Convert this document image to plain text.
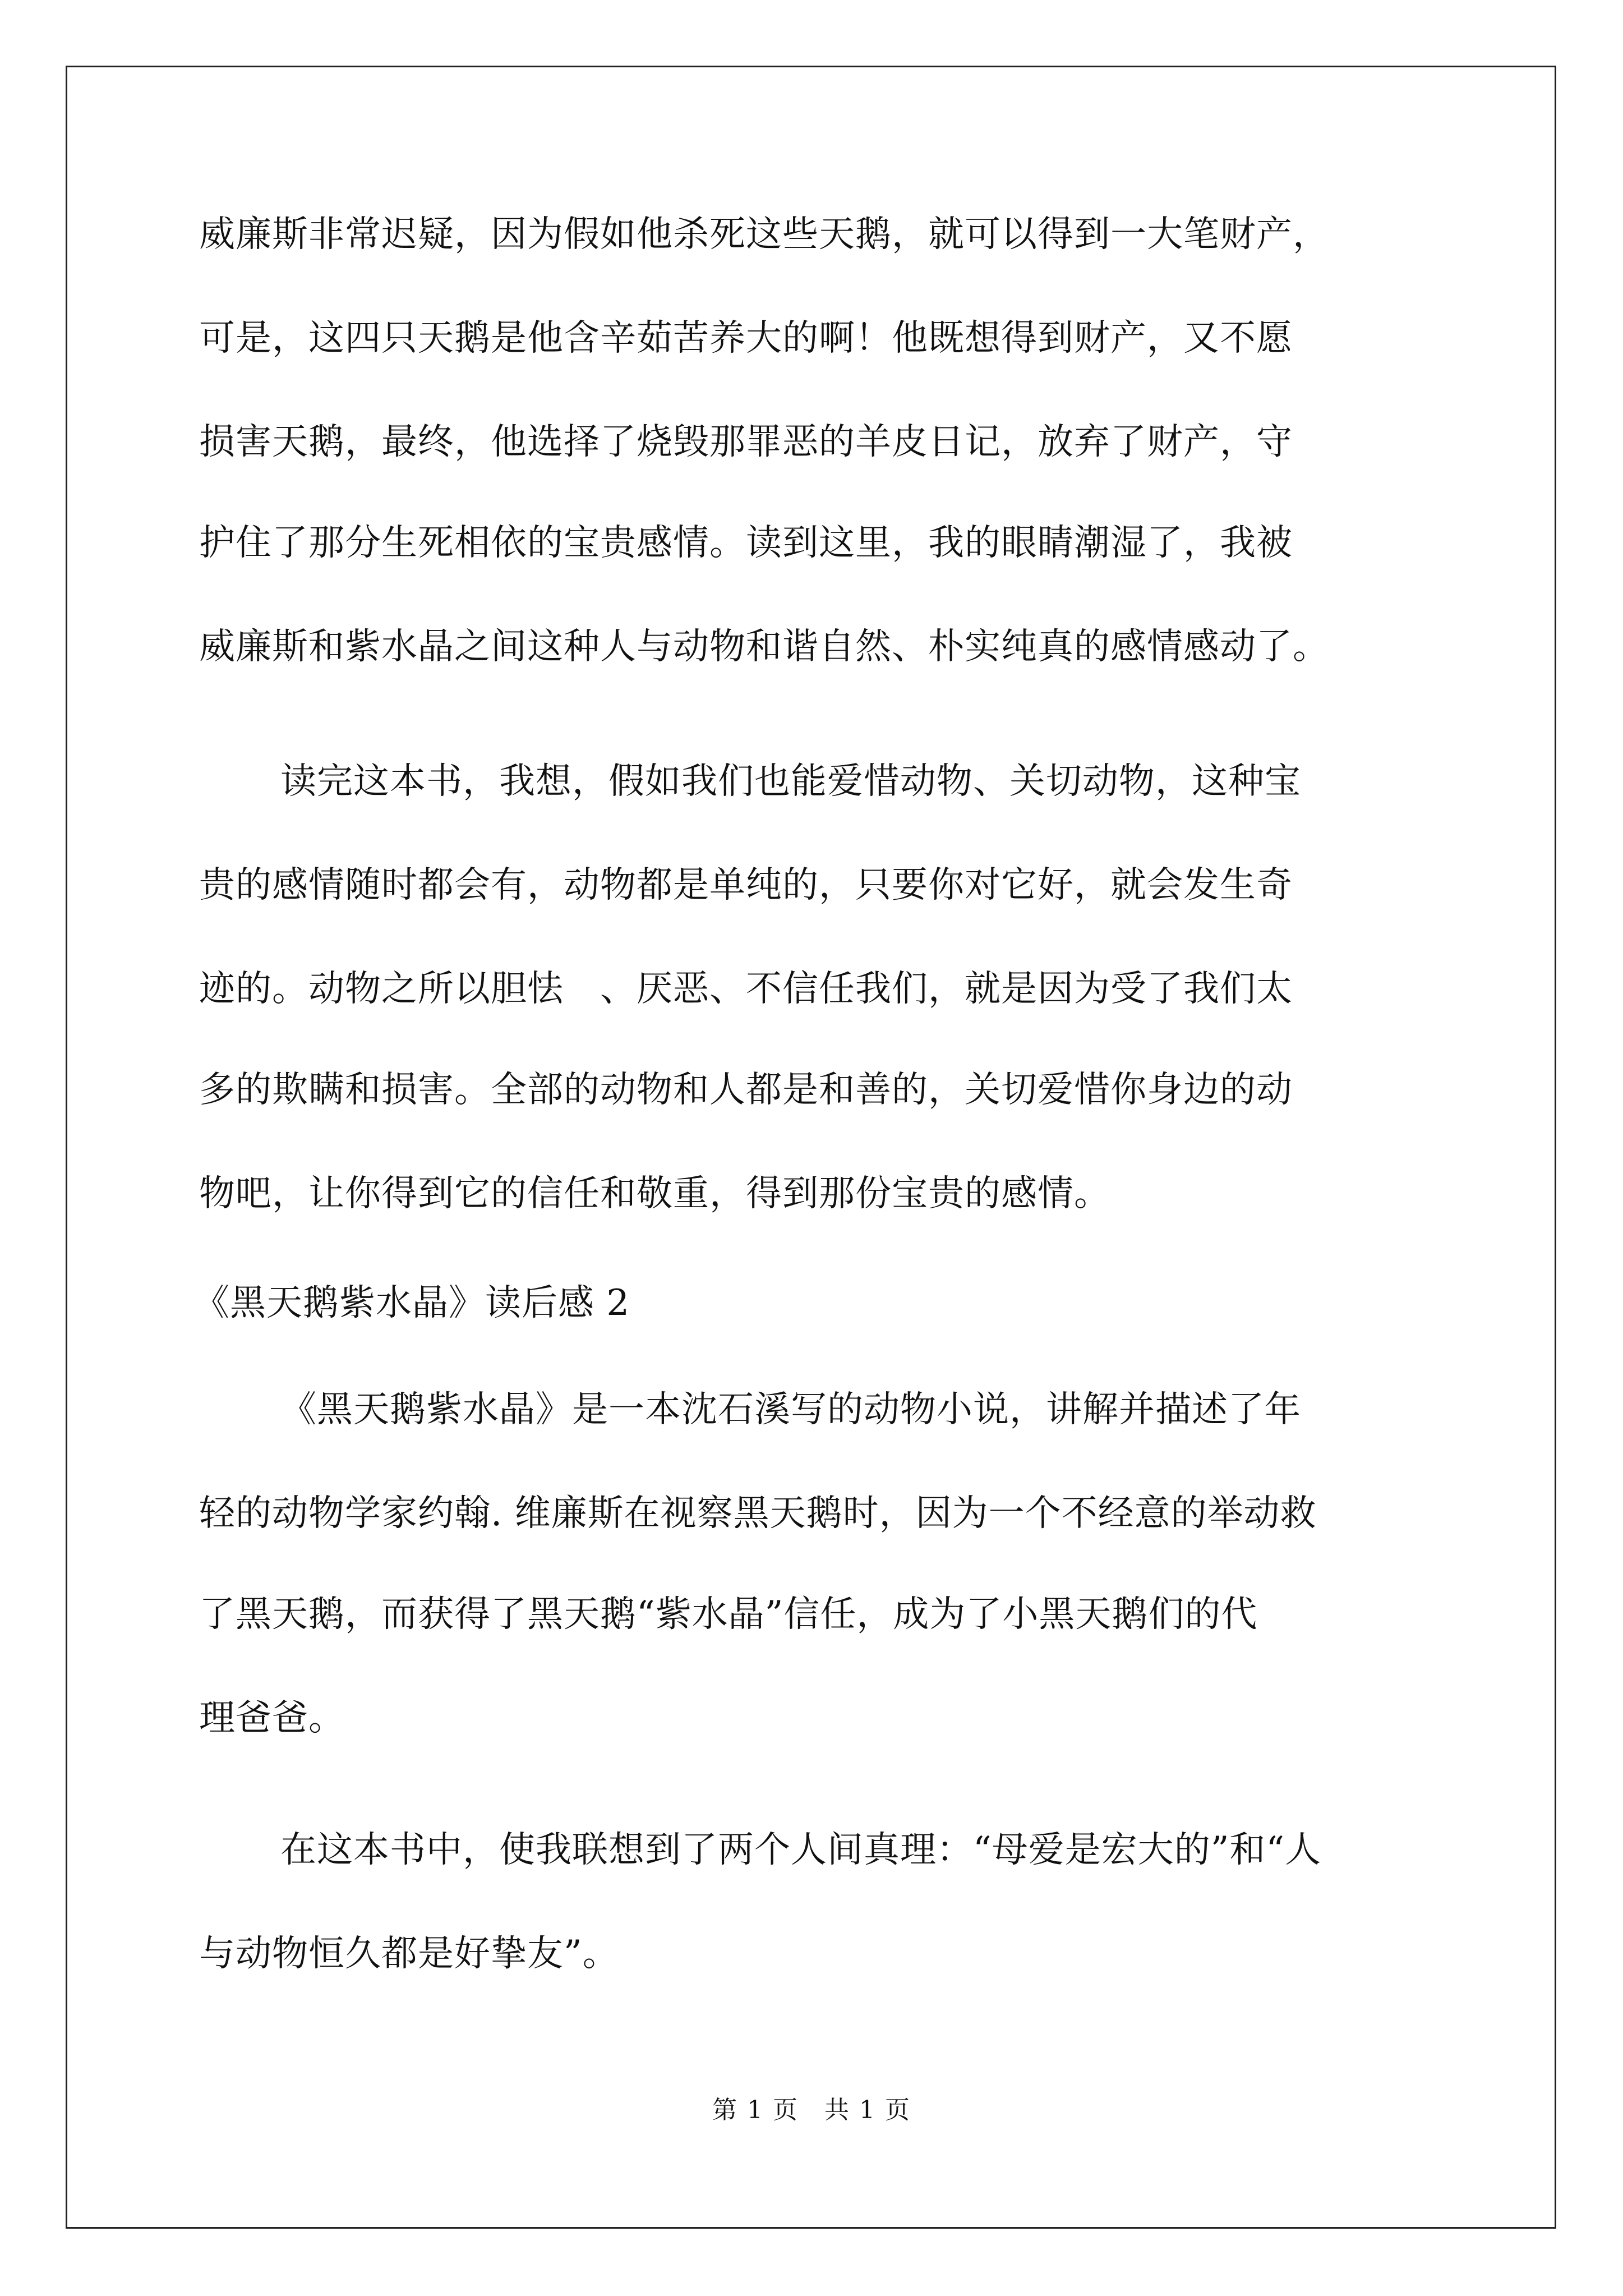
威廉斯非常迟疑，因为假如他杀死这些天鹅，就可以得到一大笔财产，
可是，这四只天鹅是他含辛茹苦养大的啊！他既想得到财产，又不愿
损害天鹅，最终，他选择了烧毁那罪恶的羊皮日记，放弃了财产，守
护住了那分生死相依的宝贵感情。读到这里，我的眼睛潮湿了，我被
威廉斯和紫水晶之间这种人与动物和谐自然、朴实纯真的感情感动了。
读完这本书，我想，假如我们也能爱惜动物、关切动物，这种宝
贵的感情随时都会有，动物都是单纯的，只要你对它好，就会发生奇
迹的。动物之所以胆怯　、厌恶、不信任我们，就是因为受了我们太
多的欺瞒和损害。全部的动物和人都是和善的，关切爱惜你身边的动
物吧，让你得到它的信任和敬重，得到那份宝贵的感情。
《黑天鹅紫水晶》读后感 2
《黑天鹅紫水晶》是一本沈石溪写的动物小说，讲解并描述了年
轻的动物学家约翰. 维廉斯在视察黑天鹅时，因为一个不经意的举动救
了黑天鹅，而获得了黑天鹅“紫水晶”信任，成为了小黑天鹅们的代
理爸爸。
在这本书中，使我联想到了两个人间真理：“母爱是宏大的”和“人
与动物恒久都是好挚友”。
第 1 页　共 1 页
